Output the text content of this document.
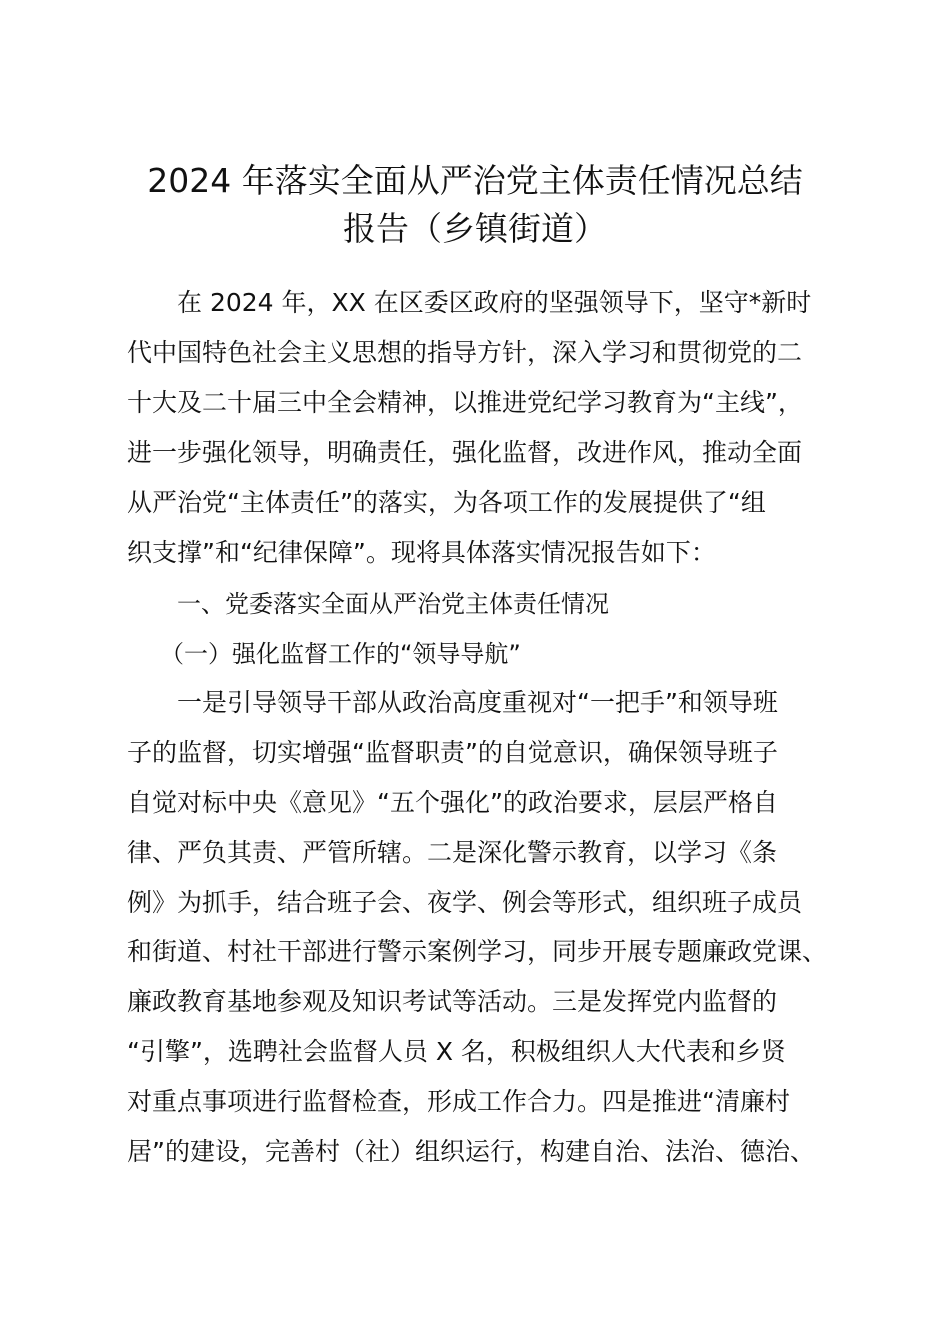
2024 年落实全面从严治党主体责任情况总结
报告（乡镇街道）

在 2024 年，XX 在区委区政府的坚强领导下，坚守*新时

代中国特色社会主义思想的指导方针，深入学习和贯彻党的二

十大及二十届三中全会精神，以推进党纪学习教育为“主线”，

进一步强化领导，明确责任，强化监督，改进作风，推动全面

从严治党“主体责任”的落实，为各项工作的发展提供了“组

织支撑”和“纪律保障”。现将具体落实情况报告如下：

一、党委落实全面从严治党主体责任情况

（一）强化监督工作的“领导导航”

一是引导领导干部从政治高度重视对“一把手”和领导班

子的监督，切实增强“监督职责”的自觉意识，确保领导班子

自觉对标中央《意见》“五个强化”的政治要求，层层严格自

律、严负其责、严管所辖。二是深化警示教育，以学习《条

例》为抓手，结合班子会、夜学、例会等形式，组织班子成员

和街道、村社干部进行警示案例学习，同步开展专题廉政党课、

廉政教育基地参观及知识考试等活动。三是发挥党内监督的

“引擎”，选聘社会监督人员 X 名，积极组织人大代表和乡贤

对重点事项进行监督检查，形成工作合力。四是推进“清廉村

居”的建设，完善村（社）组织运行，构建自治、法治、德治、
